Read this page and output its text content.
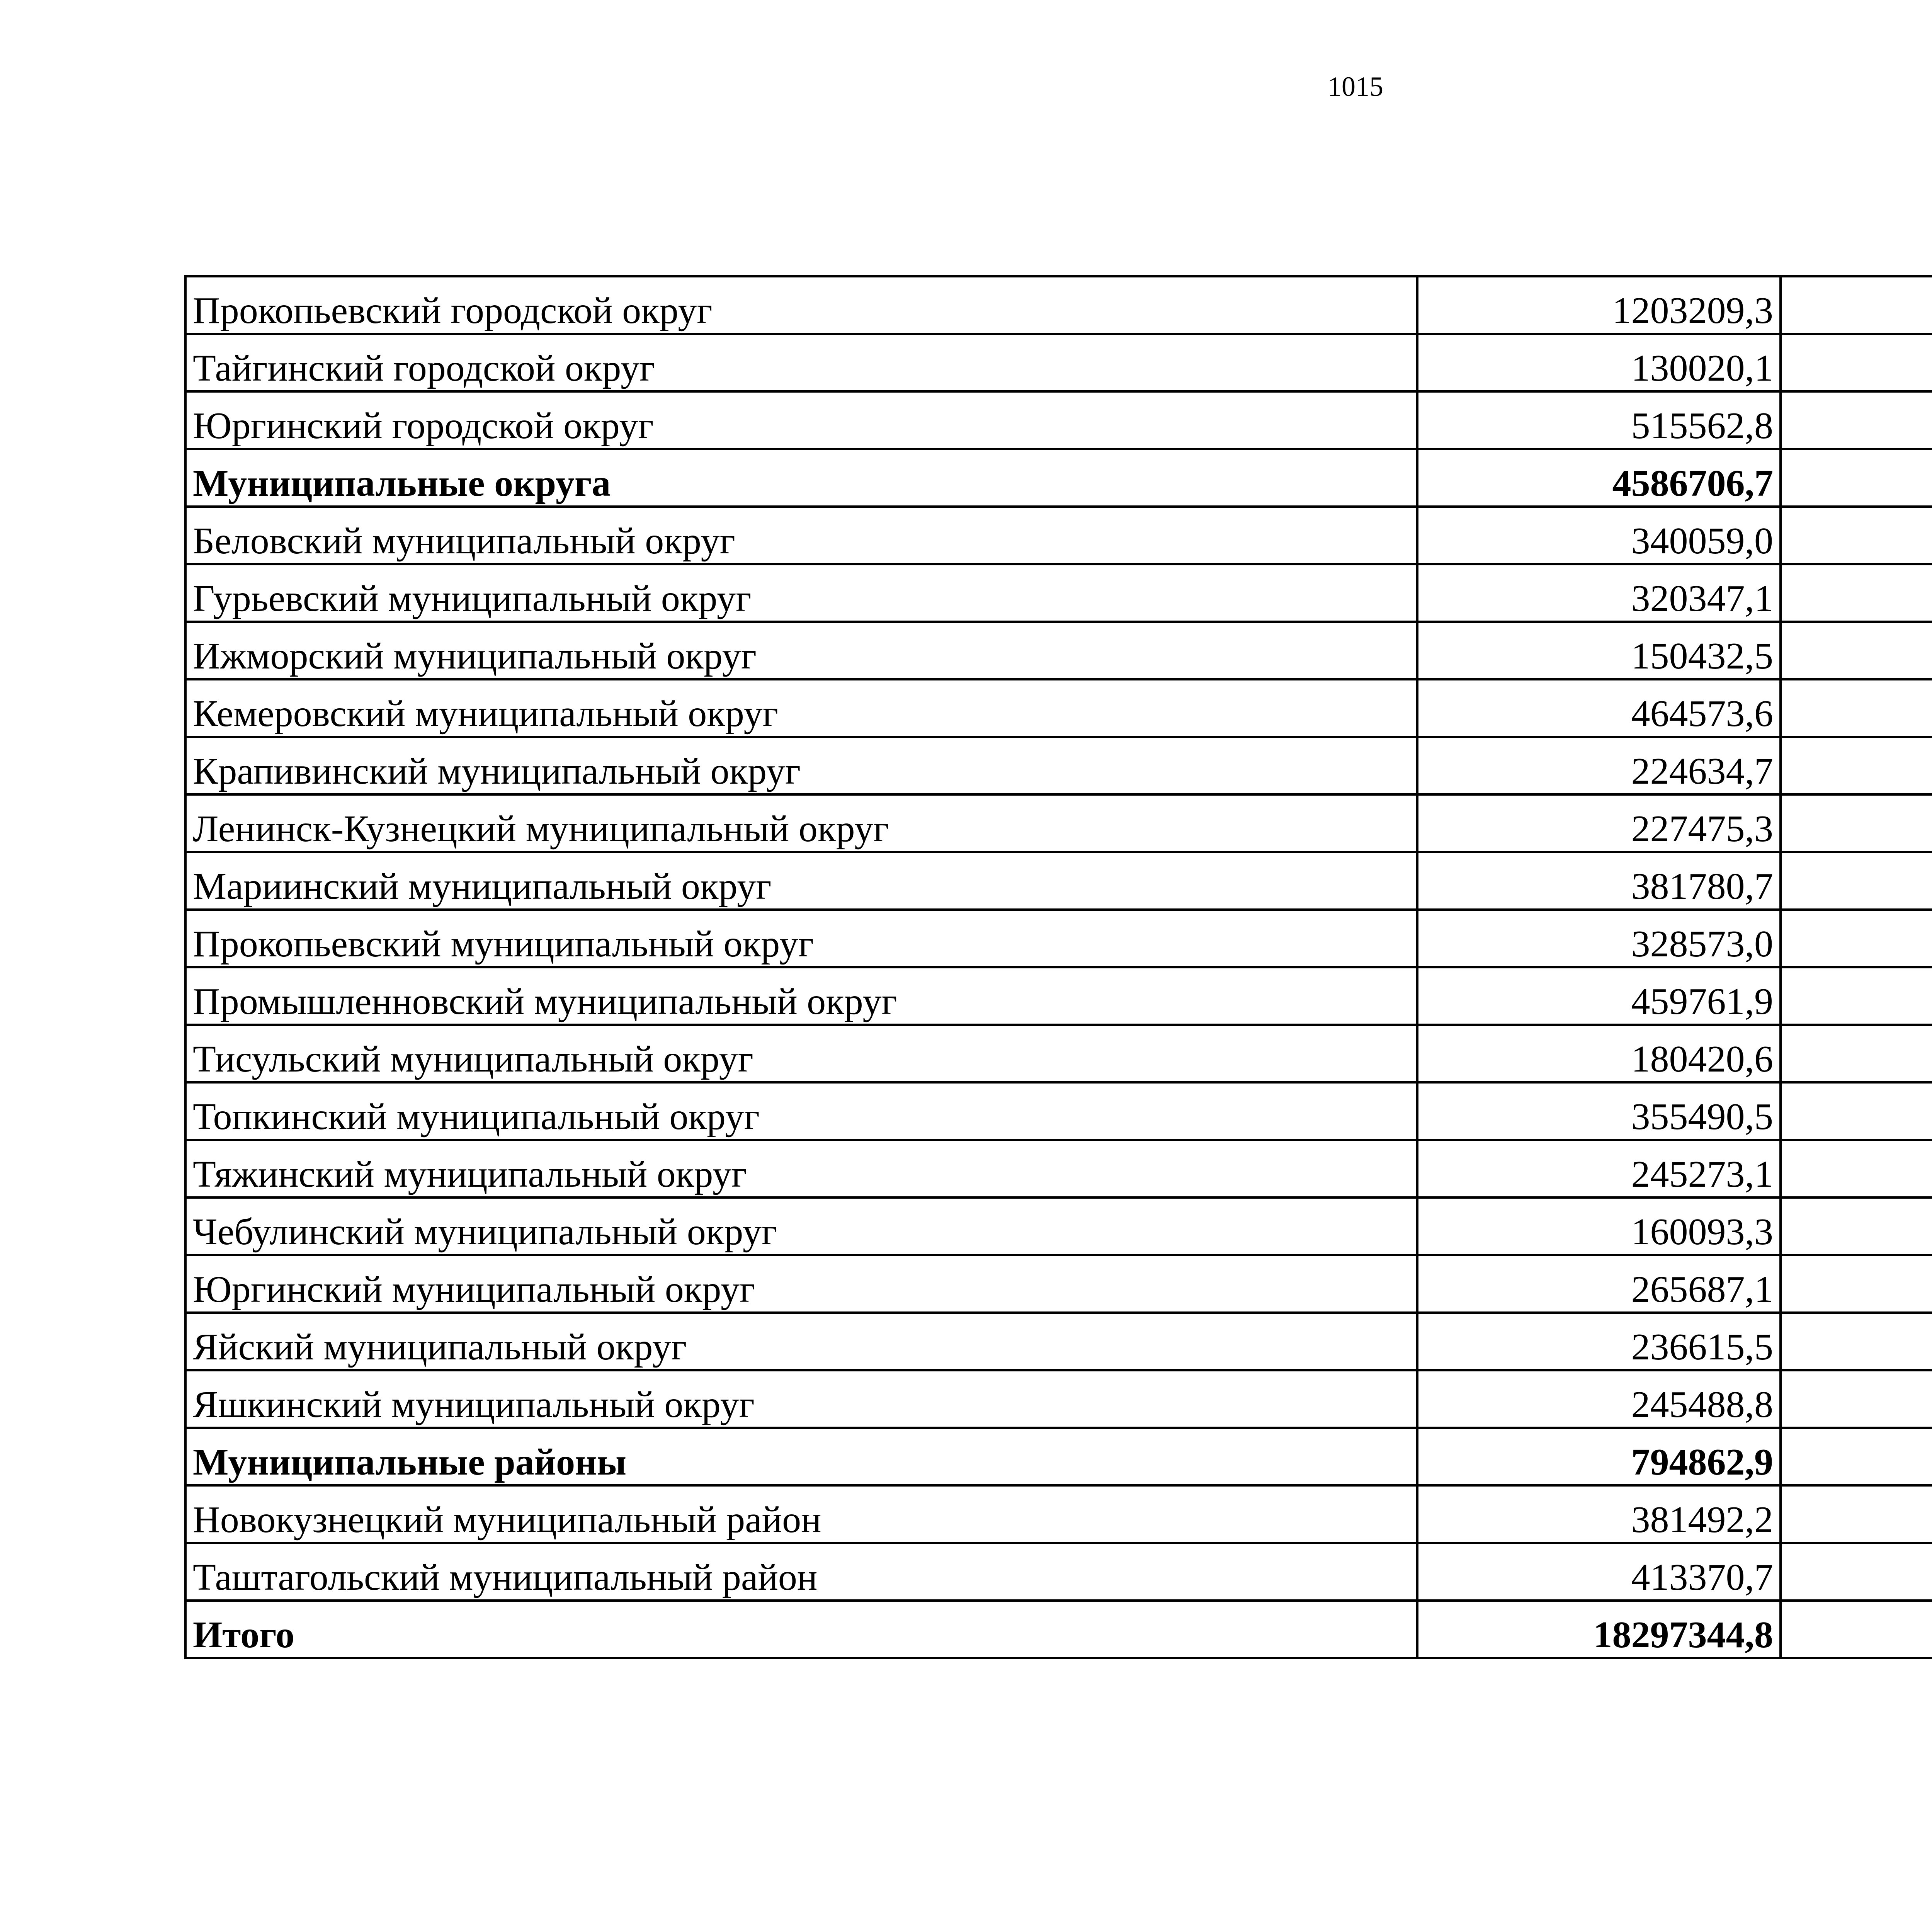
1015
Прокопьевский городской округ	1203209,3		
Тайгинский городской округ	130020,1		
Юргинский городской округ	515562,8		
Муниципальные округа	4586706,7		
Беловский муниципальный округ	340059,0		
Гурьевский муниципальный округ	320347,1		
Ижморский муниципальный округ	150432,5		
Кемеровский муниципальный округ	464573,6		
Крапивинский муниципальный округ	224634,7		
Ленинск-Кузнецкий муниципальный округ	227475,3		
Мариинский муниципальный округ	381780,7		
Прокопьевский муниципальный округ	328573,0		
Промышленновский муниципальный округ	459761,9		
Тисульский муниципальный округ	180420,6		
Топкинский муниципальный округ	355490,5		
Тяжинский муниципальный округ	245273,1		
Чебулинский муниципальный округ	160093,3		
Юргинский муниципальный округ	265687,1		
Яйский муниципальный округ	236615,5		
Яшкинский муниципальный округ	245488,8		
Муниципальные районы	794862,9		
Новокузнецкий муниципальный район	381492,2		
Таштагольский муниципальный район	413370,7		
Итого	18297344,8		
